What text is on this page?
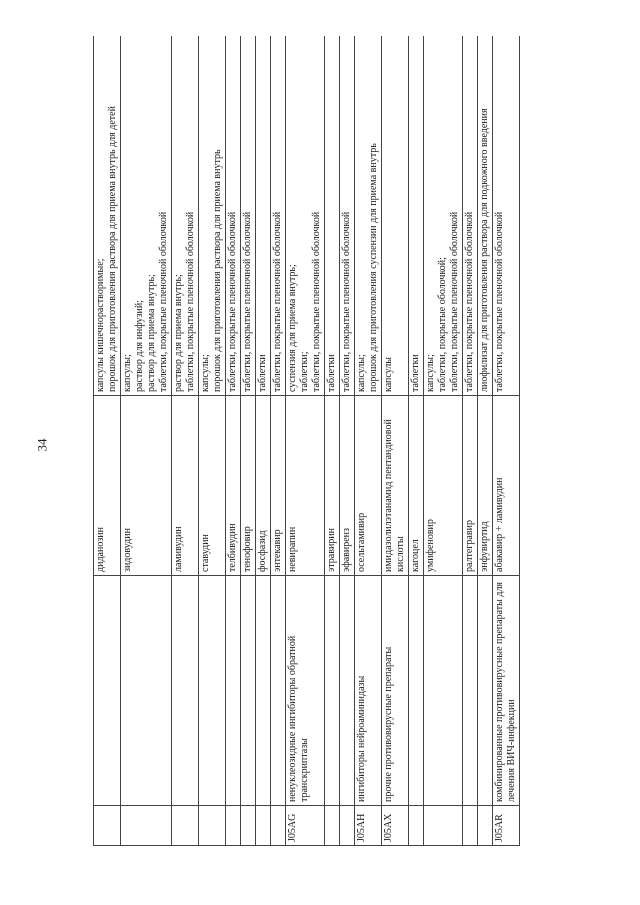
34
		диданозин	капсулы кишечнорастворимые; порошок для приготовления раствора для приема внутрь для детей

		зидовудин	капсулы; раствор для инфузий; раствор для приема внутрь; таблетки, покрытые пленочной оболочкой

		ламивудин	раствор для приема внутрь; таблетки, покрытые пленочной оболочкой

		ставудин	капсулы; порошок для приготовления раствора для приема внутрь

		телбивудин	таблетки, покрытые пленочной оболочкой

		тенофовир	таблетки, покрытые пленочной оболочкой

		фосфазид	таблетки

		энтекавир	таблетки, покрытые пленочной оболочкой

J05AG	ненуклеозидные ингибиторы обратной транскриптазы	невирапин	суспензия для приема внутрь; таблетки; таблетки, покрытые пленочной оболочкой

		этравирин	таблетки

		эфавиренз	таблетки, покрытые пленочной оболочкой

J05AH	ингибиторы нейроаминидазы	осельтамивир	капсулы; порошок для приготовления суспензии для приема внутрь

J05AX	прочие противовирусные препараты	имидазолилэтанамид пентандиовой кислоты	капсулы

		кагоцел	таблетки

		умифеновир	капсулы; таблетки, покрытые оболочкой; таблетки, покрытые пленочной оболочкой

		ралтегравир	таблетки, покрытые пленочной оболочкой

		энфувиртид	лиофилизат для приготовления раствора для подкожного введения

J05AR	комбинированные противовирусные препараты для лечения ВИЧ-инфекции	абакавир + ламивудин	таблетки, покрытые пленочной оболочкой
